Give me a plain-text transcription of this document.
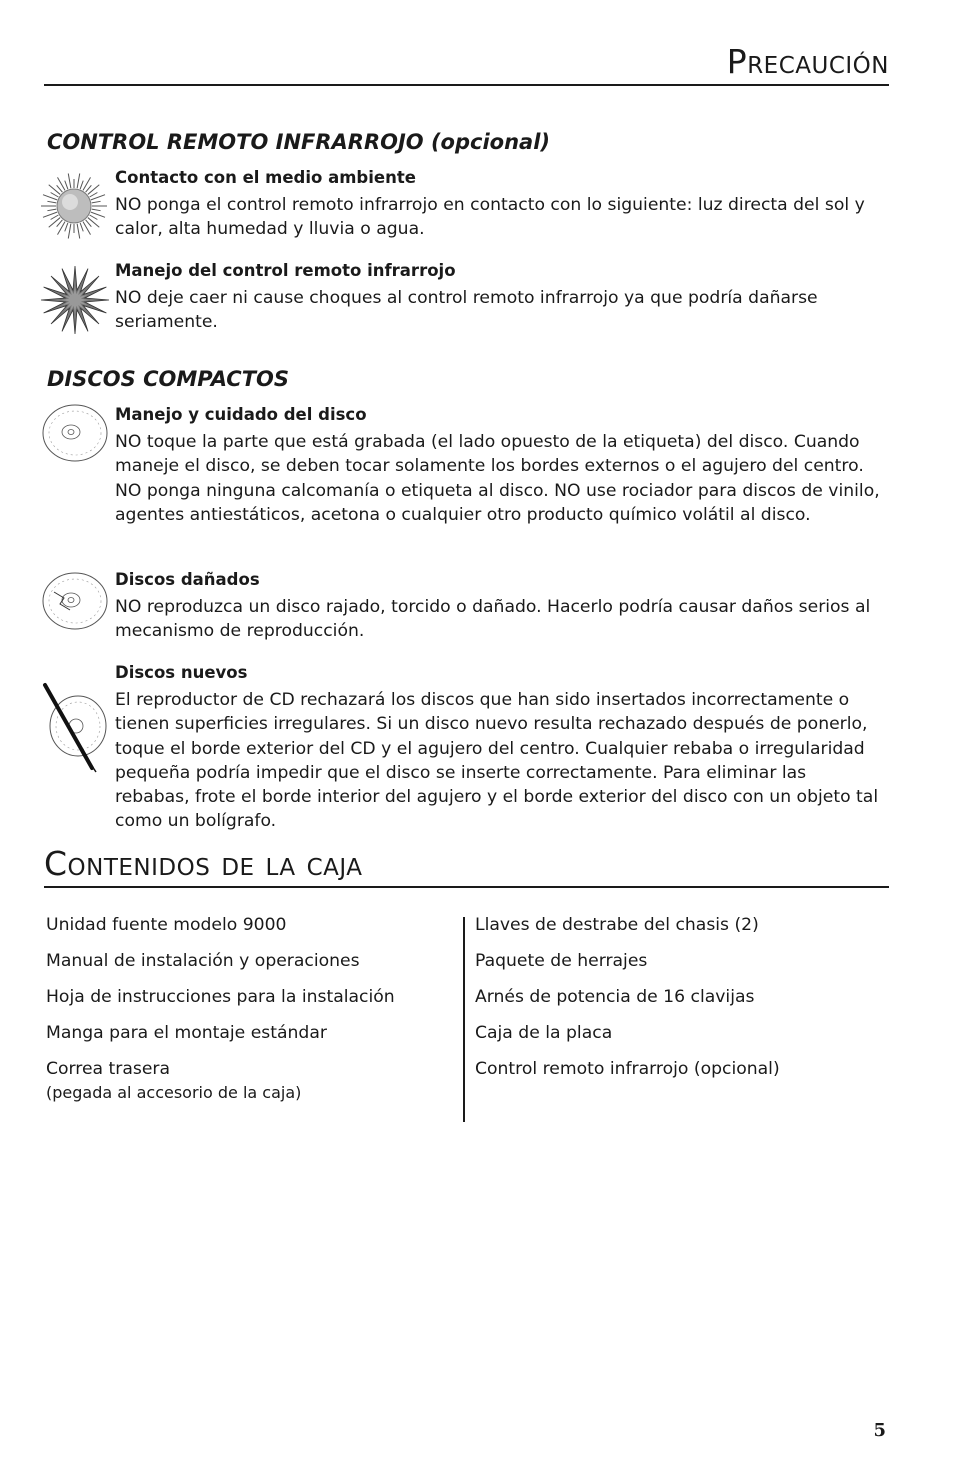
Precaución
CONTROL REMOTO INFRARROJO (opcional)
Contacto con el medio ambiente

NO ponga el control remoto infrarrojo en contacto con lo siguiente: luz directa del sol y calor, alta humedad y lluvia o agua.

Manejo del control remoto infrarrojo

NO deje caer ni cause choques al control remoto infrarrojo ya que podría dañarse seriamente.

DISCOS COMPACTOS
Manejo y cuidado del disco

NO toque la parte que está grabada (el lado opuesto de la etiqueta) del disco. Cuando maneje el disco, se deben tocar solamente los bordes externos o el agujero del centro. NO ponga ninguna calcomanía o etiqueta al disco. NO use rociador para discos de vinilo, agentes antiestáticos, acetona o cualquier otro producto químico volátil al disco.

Discos dañados

NO reproduzca un disco rajado, torcido o dañado. Hacerlo podría causar daños serios al mecanismo de reproducción.

Discos nuevos

El reproductor de CD rechazará los discos que han sido insertados incorrectamente o tienen superficies irregulares. Si un disco nuevo resulta rechazado después de ponerlo, toque el borde exterior del CD y el agujero del centro. Cualquier rebaba o irregularidad pequeña podría impedir que el disco se inserte correctamente. Para eliminar las rebabas, frote el borde interior del agujero y el borde exterior del disco con un objeto tal como un bolígrafo.

Contenidos de la caja
Unidad fuente modelo 9000
Manual de instalación y operaciones
Hoja de instrucciones para la instalación
Manga para el montaje estándar
Correa trasera
(pegada al accesorio de la caja)
Llaves de destrabe del chasis (2)
Paquete de herrajes
Arnés de potencia de 16 clavijas
Caja de la placa
Control remoto infrarrojo (opcional)
5
